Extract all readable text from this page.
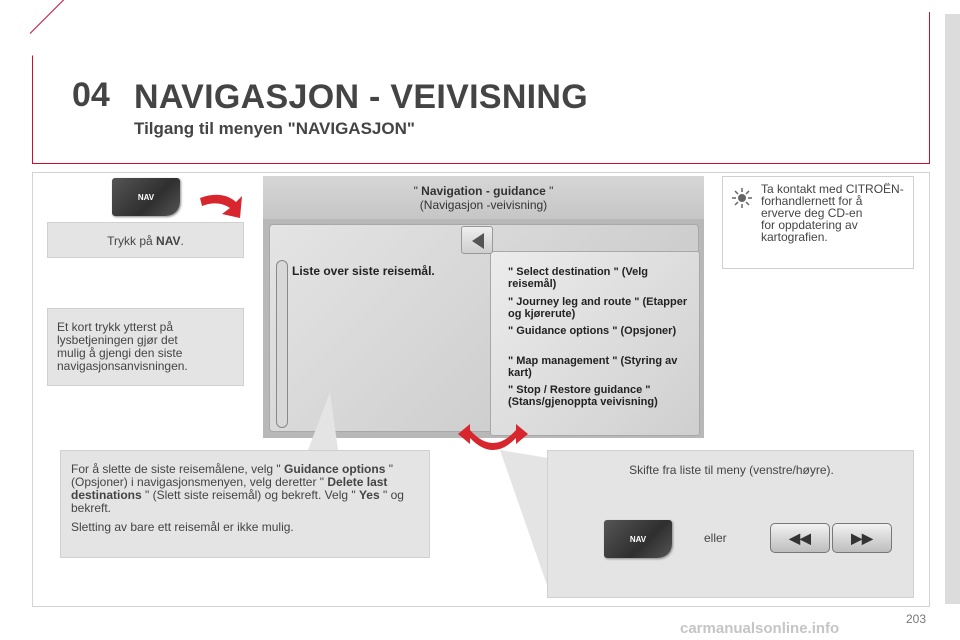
04 NAVIGASJON - VEIVISNING
Tilgang til menyen "NAVIGASJON"
NAV
Trykk på NAV.
Et kort trykk ytterst på
lysbetjeningen gjør det
mulig å gjengi den siste
navigasjonsanvisningen.
" Navigation - guidance "
(Navigasjon -veivisning)
Liste over siste reisemål.	" Select destination " (Velg reisemål)
" Journey leg and route " (Etapper og kjørerute)
" Guidance options " (Opsjoner)
" Map management " (Styring av kart)
" Stop / Restore guidance " (Stans/gjenoppta veivisning)
Ta kontakt med CITROËN-
forhandlernett for å
erverve deg CD-en
for oppdatering av
kartografien.
For å slette de siste reisemålene, velg " Guidance options " (Opsjoner) i navigasjonsmenyen, velg deretter " Delete last destinations " (Slett siste reisemål) og bekreft. Velg " Yes " og bekreft.
Sletting av bare ett reisemål er ikke mulig.
Skifte fra liste til meny (venstre/høyre).
eller
NAV	◀◀	▶▶
203
carmanualsonline.info
